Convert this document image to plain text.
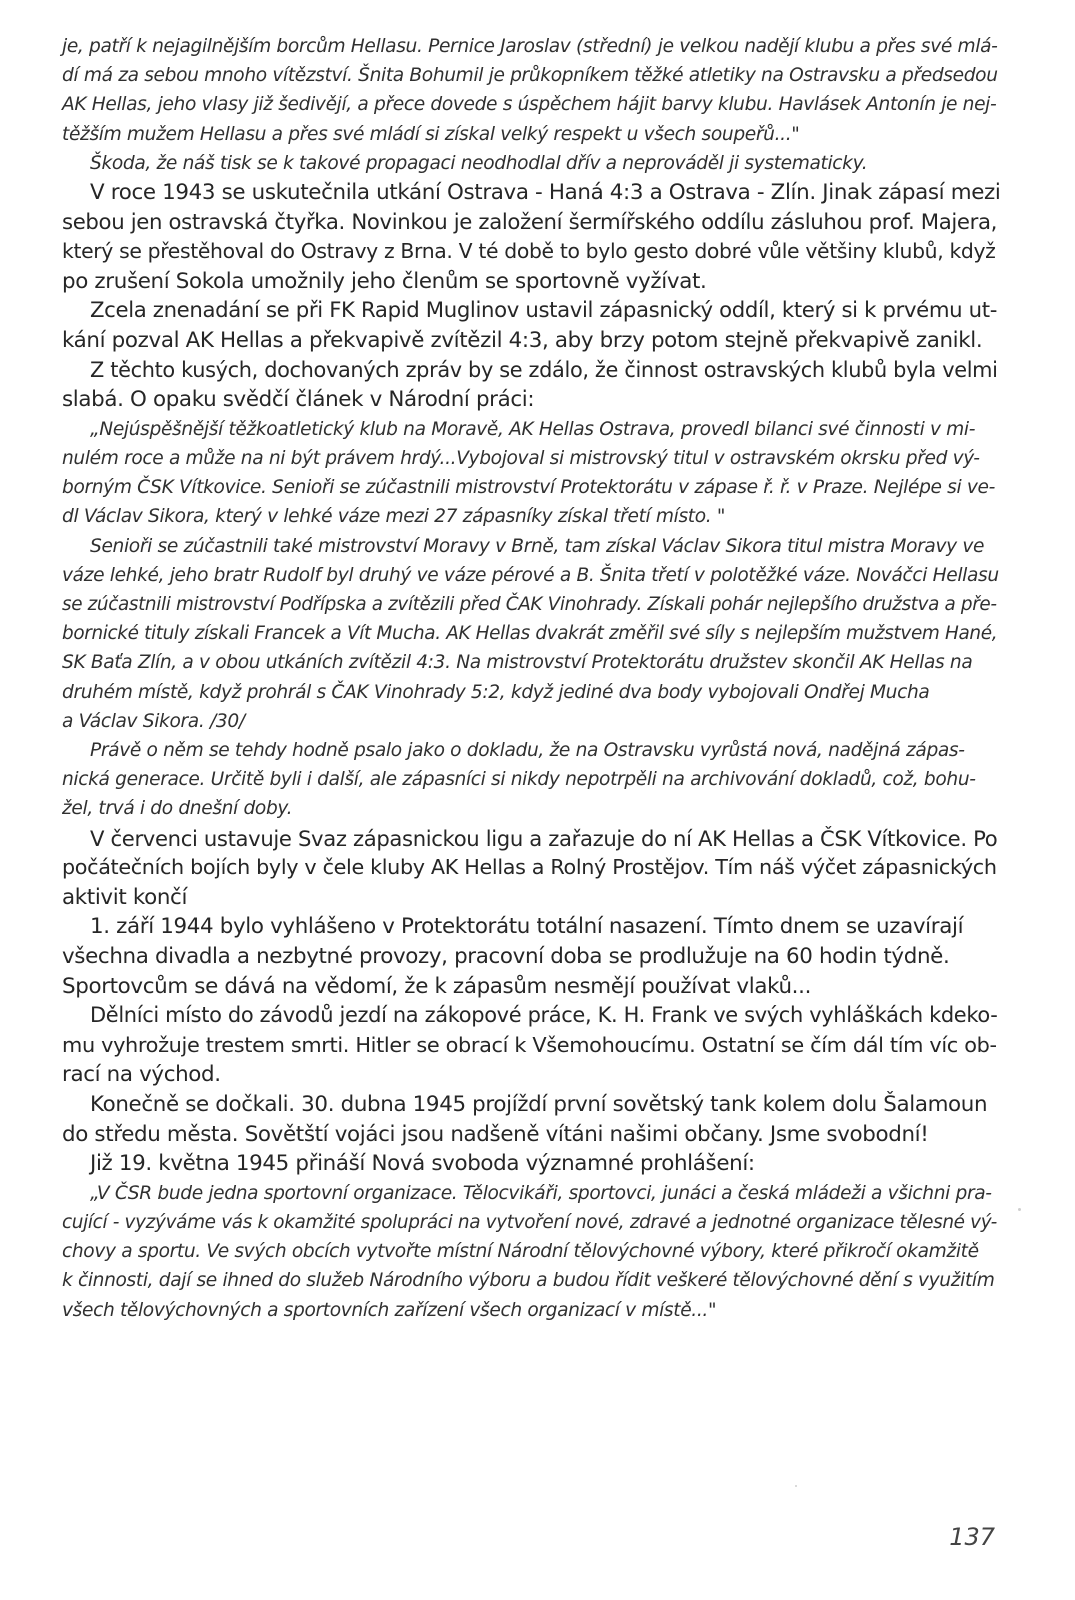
je, patří k nejagilnějším borcům Hellasu. Pernice Jaroslav (střední) je velkou nadějí klubu a přes své mlá-
dí má za sebou mnoho vítězství. Šnita Bohumil je průkopníkem těžké atletiky na Ostravsku a předsedou
AK Hellas, jeho vlasy již šedivějí, a přece dovede s úspěchem hájit barvy klubu. Havlásek Antonín je nej-
těžším mužem Hellasu a přes své mládí si získal velký respekt u všech soupeřů..."
Škoda, že náš tisk se k takové propagaci neodhodlal dřív a neprováděl ji systematicky.
V roce 1943 se uskutečnila utkání Ostrava - Haná 4:3 a Ostrava - Zlín. Jinak zápasí mezi
sebou jen ostravská čtyřka. Novinkou je založení šermířského oddílu zásluhou prof. Majera,
který se přestěhoval do Ostravy z Brna. V té době to bylo gesto dobré vůle většiny klubů, když
po zrušení Sokola umožnily jeho členům se sportovně vyžívat.
Zcela znenadání se při FK Rapid Muglinov ustavil zápasnický oddíl, který si k prvému ut-
kání pozval AK Hellas a překvapivě zvítězil 4:3, aby brzy potom stejně překvapivě zanikl.
Z těchto kusých, dochovaných zpráv by se zdálo, že činnost ostravských klubů byla velmi
slabá. O opaku svědčí článek v Národní práci:
„Nejúspěšnější těžkoatletický klub na Moravě, AK Hellas Ostrava, provedl bilanci své činnosti v mi-
nulém roce a může na ni být právem hrdý...Vybojoval si mistrovský titul v ostravském okrsku před vý-
borným ČSK Vítkovice. Senioři se zúčastnili mistrovství Protektorátu v zápase ř. ř. v Praze. Nejlépe si ve-
dl Václav Sikora, který v lehké váze mezi 27 zápasníky získal třetí místo. "
Senioři se zúčastnili také mistrovství Moravy v Brně, tam získal Václav Sikora titul mistra Moravy ve
váze lehké, jeho bratr Rudolf byl druhý ve váze pérové a B. Šnita třetí v polotěžké váze. Nováčci Hellasu
se zúčastnili mistrovství Podřípska a zvítězili před ČAK Vinohrady. Získali pohár nejlepšího družstva a pře-
bornické tituly získali Francek a Vít Mucha. AK Hellas dvakrát změřil své síly s nejlepším mužstvem Hané,
SK Baťa Zlín, a v obou utkáních zvítězil 4:3. Na mistrovství Protektorátu družstev skončil AK Hellas na
druhém místě, když prohrál s ČAK Vinohrady 5:2, když jediné dva body vybojovali Ondřej Mucha
a Václav Sikora. /30/
Právě o něm se tehdy hodně psalo jako o dokladu, že na Ostravsku vyrůstá nová, nadějná zápas-
nická generace. Určitě byli i další, ale zápasníci si nikdy nepotrpěli na archivování dokladů, což, bohu-
žel, trvá i do dnešní doby.
V červenci ustavuje Svaz zápasnickou ligu a zařazuje do ní AK Hellas a ČSK Vítkovice. Po
počátečních bojích byly v čele kluby AK Hellas a Rolný Prostějov. Tím náš výčet zápasnických
aktivit končí
1. září 1944 bylo vyhlášeno v Protektorátu totální nasazení. Tímto dnem se uzavírají
všechna divadla a nezbytné provozy, pracovní doba se prodlužuje na 60 hodin týdně.
Sportovcům se dává na vědomí, že k zápasům nesmějí používat vlaků...
Dělníci místo do závodů jezdí na zákopové práce, K. H. Frank ve svých vyhláškách kdeko-
mu vyhrožuje trestem smrti. Hitler se obrací k Všemohoucímu. Ostatní se čím dál tím víc ob-
rací na východ.
Konečně se dočkali. 30. dubna 1945 projíždí první sovětský tank kolem dolu Šalamoun
do středu města. Sovětští vojáci jsou nadšeně vítáni našimi občany. Jsme svobodní!
Již 19. května 1945 přináší Nová svoboda významné prohlášení:
„V ČSR bude jedna sportovní organizace. Tělocvikáři, sportovci, junáci a česká mládeži a všichni pra-
cující - vyzýváme vás k okamžité spolupráci na vytvoření nové, zdravé a jednotné organizace tělesné vý-
chovy a sportu. Ve svých obcích vytvořte místní Národní tělovýchovné výbory, které přikročí okamžitě
k činnosti, dají se ihned do služeb Národního výboru a budou řídit veškeré tělovýchovné dění s využitím
všech tělovýchovných a sportovních zařízení všech organizací v místě..."
137
